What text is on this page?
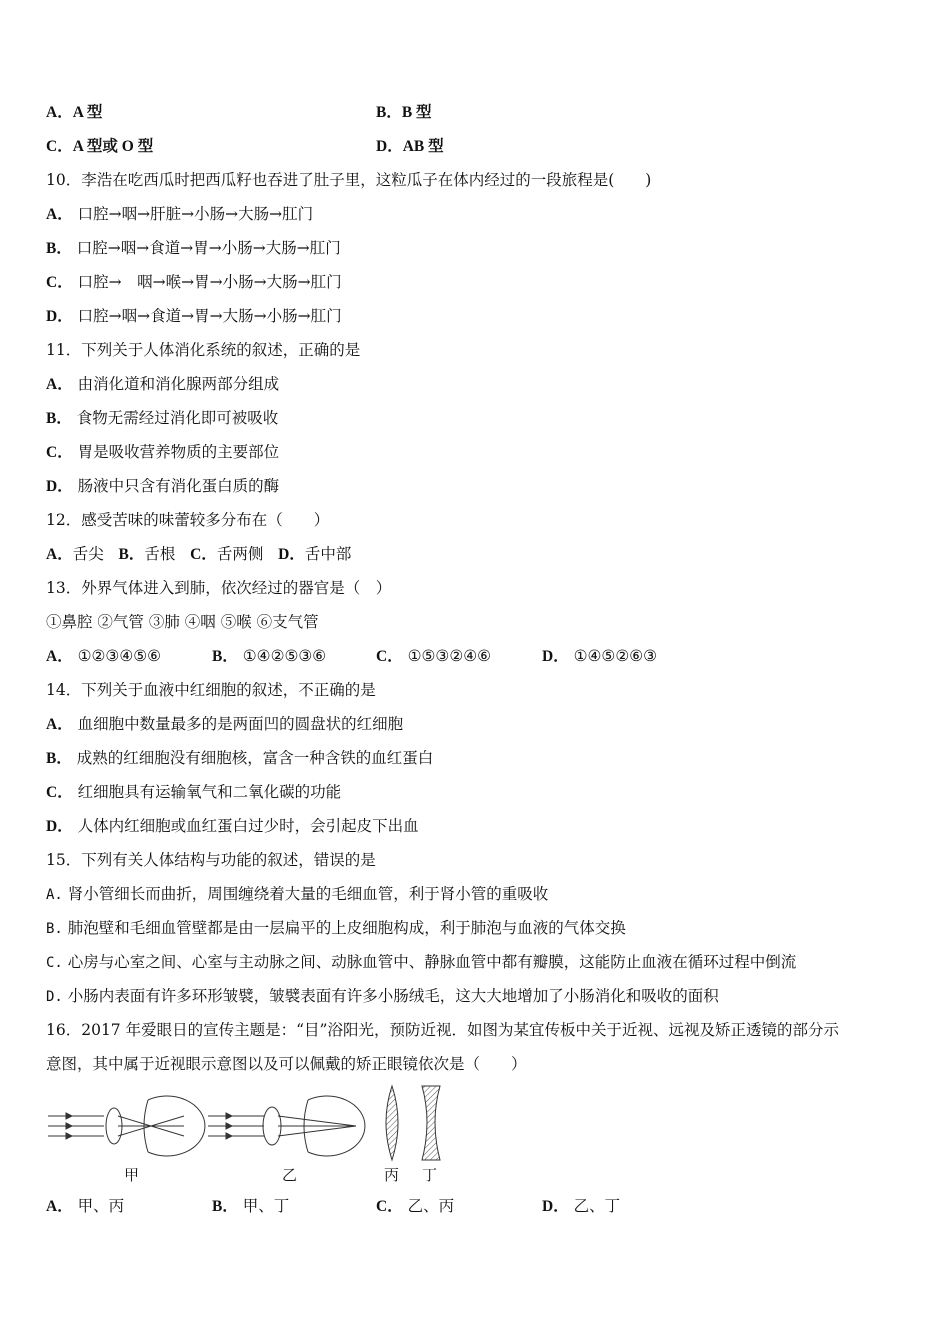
A．A 型	B．B 型
C．A 型或 O 型	D．AB 型
10．李浩在吃西瓜时把西瓜籽也吞进了肚子里，这粒瓜子在体内经过的一段旅程是(　　)
A． 口腔→咽→肝脏→小肠→大肠→肛门
B． 口腔→咽→食道→胃→小肠→大肠→肛门
C． 口腔→　咽→喉→胃→小肠→大肠→肛门
D． 口腔→咽→食道→胃→大肠→小肠→肛门
11．下列关于人体消化系统的叙述，正确的是
A． 由消化道和消化腺两部分组成
B． 食物无需经过消化即可被吸收
C． 胃是吸收营养物质的主要部位
D． 肠液中只含有消化蛋白质的酶
12．感受苦味的味蕾较多分布在（　　）
A．舌尖 B．舌根 C．舌两侧 D．舌中部
13．外界气体进入到肺，依次经过的器官是（　）
①鼻腔 ②气管 ③肺 ④咽 ⑤喉 ⑥支气管
A． ①②③④⑤⑥	B． ①④②⑤③⑥	C． ①⑤③②④⑥	D． ①④⑤②⑥③
14．下列关于血液中红细胞的叙述，不正确的是
A． 血细胞中数量最多的是两面凹的圆盘状的红细胞
B． 成熟的红细胞没有细胞核，富含一种含铁的血红蛋白
C． 红细胞具有运输氧气和二氧化碳的功能
D． 人体内红细胞或血红蛋白过少时，会引起皮下出血
15．下列有关人体结构与功能的叙述，错误的是
A. 肾小管细长而曲折，周围缠绕着大量的毛细血管，利于肾小管的重吸收
B. 肺泡壁和毛细血管壁都是由一层扁平的上皮细胞构成，利于肺泡与血液的气体交换
C. 心房与心室之间、心室与主动脉之间、动脉血管中、静脉血管中都有瓣膜，这能防止血液在循环过程中倒流
D. 小肠内表面有许多环形皱襞，皱襞表面有许多小肠绒毛，这大大地增加了小肠消化和吸收的面积
16．2017 年爱眼日的宣传主题是：“目”浴阳光，预防近视．如图为某宜传板中关于近视、远视及矫正透镜的部分示
意图，其中属于近视眼示意图以及可以佩戴的矫正眼镜依次是（　　）
甲	乙	丙 丁
A． 甲、丙	B． 甲、丁	C． 乙、丙	D． 乙、丁
